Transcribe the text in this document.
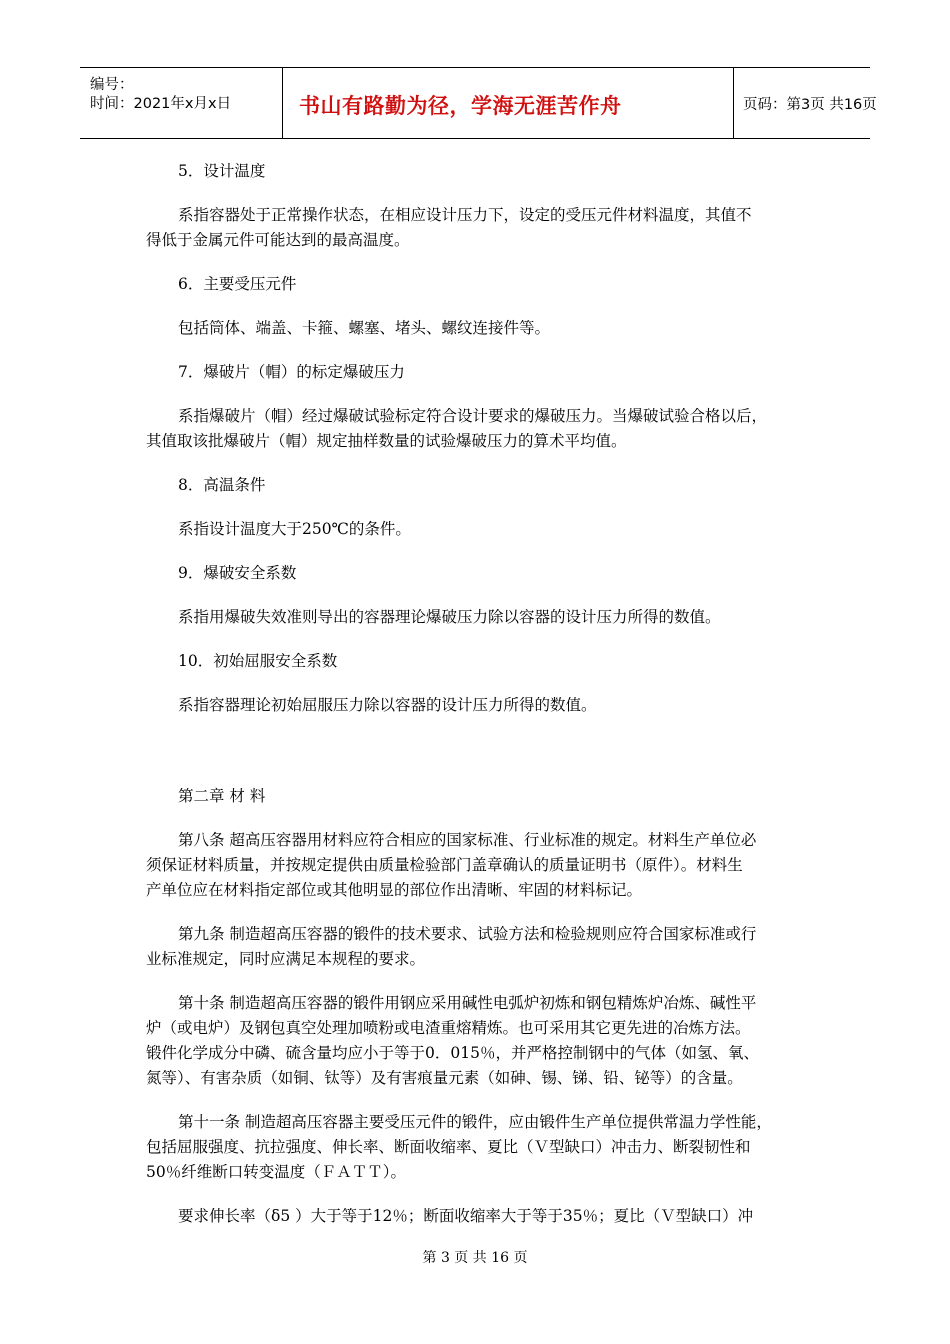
编号：
时间：2021年x月x日	书山有路勤为径，学海无涯苦作舟	页码：第3页 共16页
5．设计温度
系指容器处于正常操作状态，在相应设计压力下，设定的受压元件材料温度，其值不
得低于金属元件可能达到的最高温度。
6．主要受压元件
包括筒体、端盖、卡箍、螺塞、堵头、螺纹连接件等。
7．爆破片（帽）的标定爆破压力
系指爆破片（帽）经过爆破试验标定符合设计要求的爆破压力。当爆破试验合格以后，
其值取该批爆破片（帽）规定抽样数量的试验爆破压力的算术平均值。
8．高温条件
系指设计温度大于250℃的条件。
9．爆破安全系数
系指用爆破失效准则导出的容器理论爆破压力除以容器的设计压力所得的数值。
10．初始屈服安全系数
系指容器理论初始屈服压力除以容器的设计压力所得的数值。
第二章 材 料
第八条 超高压容器用材料应符合相应的国家标准、行业标准的规定。材料生产单位必
须保证材料质量，并按规定提供由质量检验部门盖章确认的质量证明书（原件）。材料生
产单位应在材料指定部位或其他明显的部位作出清晰、牢固的材料标记。
第九条 制造超高压容器的锻件的技术要求、试验方法和检验规则应符合国家标准或行
业标准规定，同时应满足本规程的要求。
第十条 制造超高压容器的锻件用钢应采用碱性电弧炉初炼和钢包精炼炉冶炼、碱性平
炉（或电炉）及钢包真空处理加喷粉或电渣重熔精炼。也可采用其它更先进的冶炼方法。
锻件化学成分中磷、硫含量均应小于等于0．015％，并严格控制钢中的气体（如氢、氧、
氮等）、有害杂质（如铜、钛等）及有害痕量元素（如砷、锡、锑、铅、铋等）的含量。
第十一条 制造超高压容器主要受压元件的锻件，应由锻件生产单位提供常温力学性能，
包括屈服强度、抗拉强度、伸长率、断面收缩率、夏比（Ｖ型缺口）冲击力、断裂韧性和
50％纤维断口转变温度（ＦＡＴＴ）。
要求伸长率（δ5 ）大于等于12％；断面收缩率大于等于35％；夏比（Ｖ型缺口）冲
第 3 页 共 16 页
